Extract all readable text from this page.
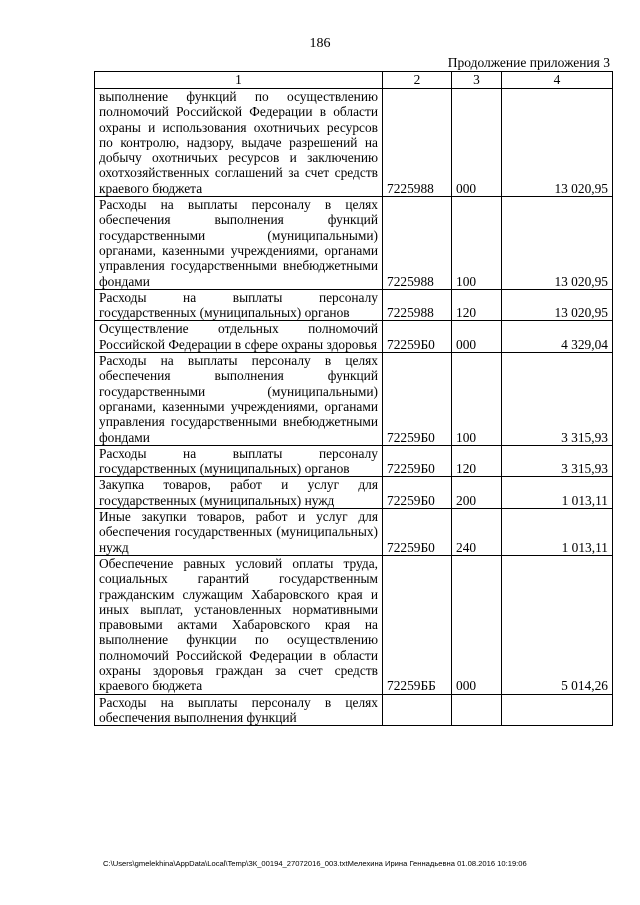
186
Продолжение приложения 3
1	2	3	4
выполнение функций по осуществлению полномочий Российской Федерации в области охраны и использования охотничьих ресурсов по контролю, надзору, выдаче разрешений на добычу охотничьих ресурсов и заключению охотхозяйственных соглашений за счет средств краевого бюджета	7225988	000	13 020,95
Расходы на выплаты персоналу в целях обеспечения выполнения функций государственными (муниципальными) органами, казенными учреждениями, органами управления государственными внебюджетными фондами	7225988	100	13 020,95
Расходы на выплаты персоналу государственных (муниципальных) органов	7225988	120	13 020,95
Осуществление отдельных полномочий Российской Федерации в сфере охраны здоровья	72259Б0	000	4 329,04
Расходы на выплаты персоналу в целях обеспечения выполнения функций государственными (муниципальными) органами, казенными учреждениями, органами управления государственными внебюджетными фондами	72259Б0	100	3 315,93
Расходы на выплаты персоналу государственных (муниципальных) органов	72259Б0	120	3 315,93
Закупка товаров, работ и услуг для государственных (муниципальных) нужд	72259Б0	200	1 013,11
Иные закупки товаров, работ и услуг для обеспечения государственных (муниципальных) нужд	72259Б0	240	1 013,11
Обеспечение равных условий оплаты труда, социальных гарантий государственным гражданским служащим Хабаровского края и иных выплат, установленных нормативными правовыми актами Хабаровского края на выполнение функции по осуществлению полномочий Российской Федерации в области охраны здоровья граждан за счет средств краевого бюджета	72259ББ	000	5 014,26
Расходы на выплаты персоналу в целях обеспечения выполнения функций			
C:\Users\gmelekhina\AppData\Local\Temp\ЗК_00194_27072016_003.txtМелехина Ирина Геннадьевна 01.08.2016 10:19:06
